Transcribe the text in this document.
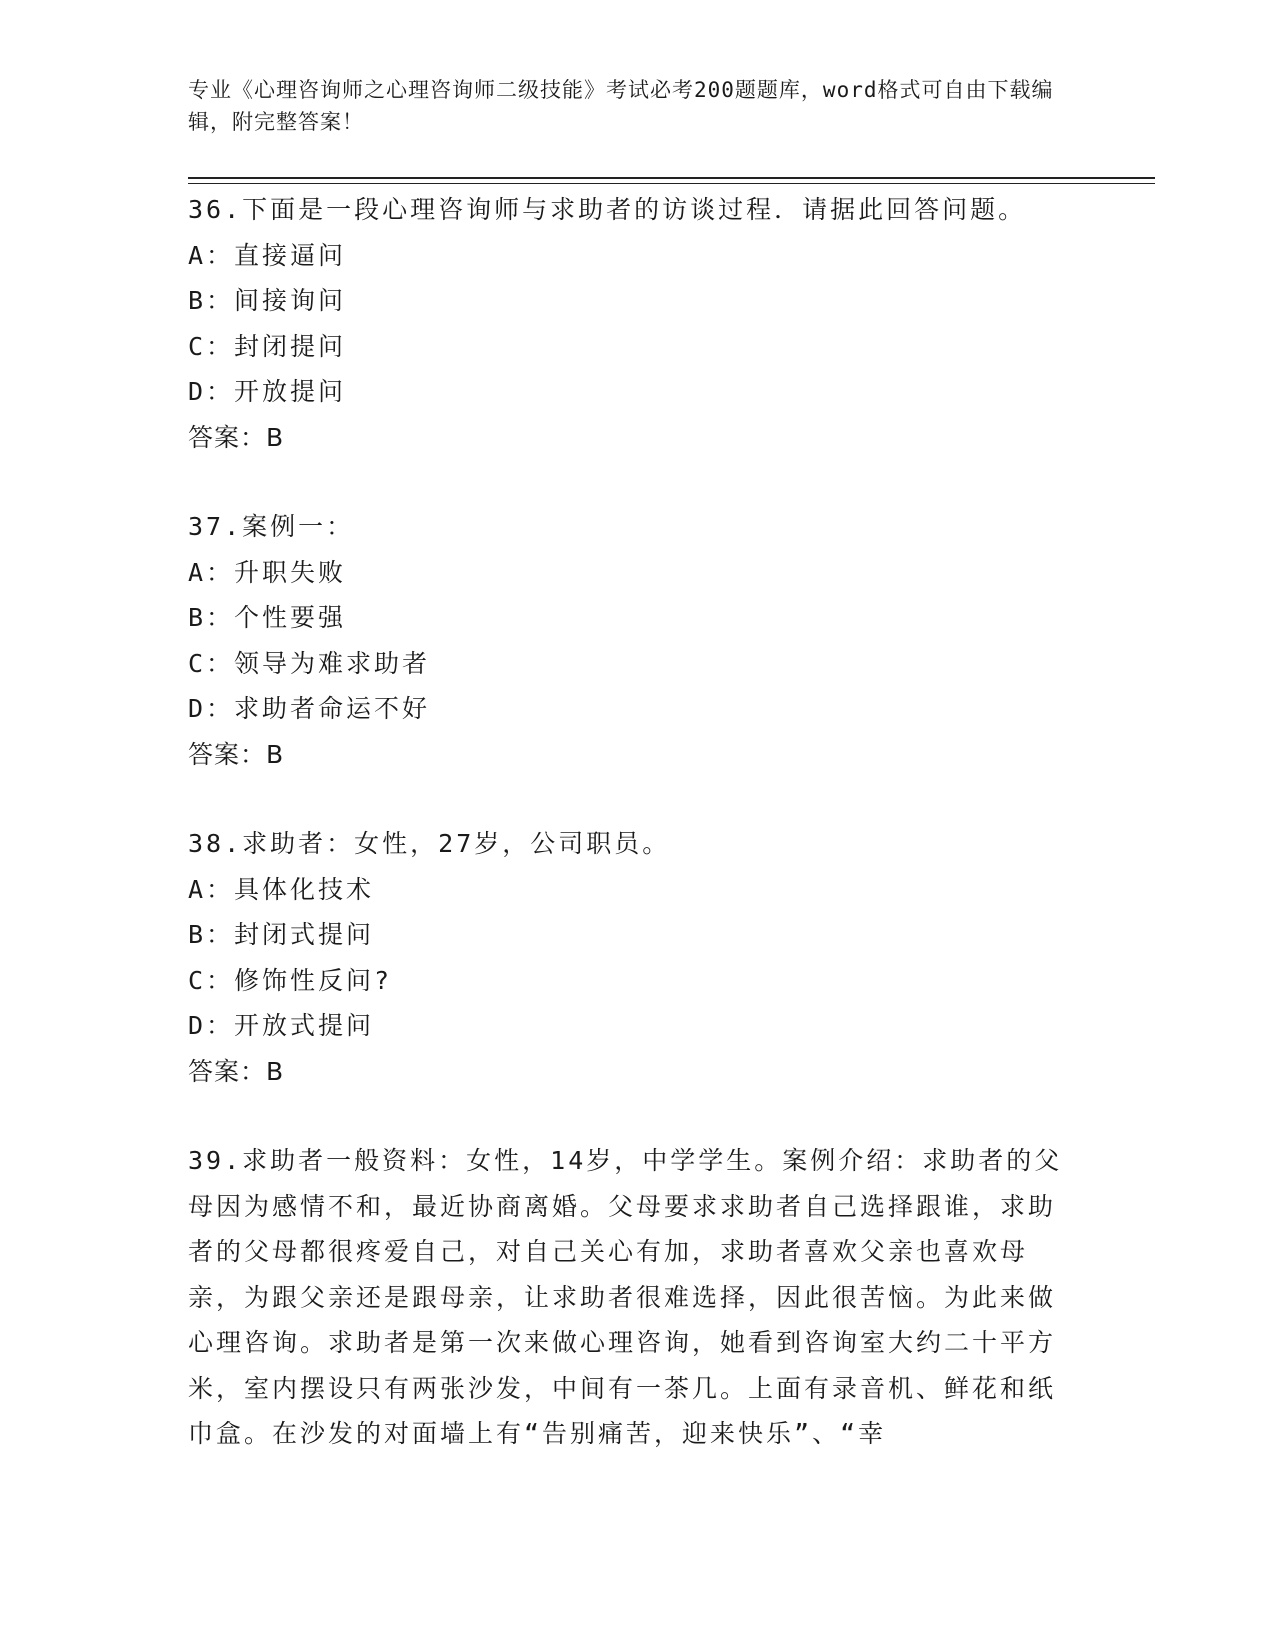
专业《心理咨询师之心理咨询师二级技能》考试必考200题题库，word格式可自由下载编辑，附完整答案！
36.下面是一段心理咨询师与求助者的访谈过程．请据此回答问题。
A：直接逼问
B：间接询问
C：封闭提问
D：开放提问
答案：B
37.案例一：
A：升职失败
B：个性要强
C：领导为难求助者
D：求助者命运不好
答案：B
38.求助者：女性，27岁，公司职员。
A：具体化技术
B：封闭式提问
C：修饰性反问?
D：开放式提问
答案：B
39.求助者一般资料：女性，14岁，中学学生。案例介绍：求助者的父母因为感情不和，最近协商离婚。父母要求求助者自己选择跟谁，求助者的父母都很疼爱自己，对自己关心有加，求助者喜欢父亲也喜欢母亲，为跟父亲还是跟母亲，让求助者很难选择，因此很苦恼。为此来做心理咨询。求助者是第一次来做心理咨询，她看到咨询室大约二十平方米，室内摆设只有两张沙发，中间有一茶几。上面有录音机、鲜花和纸巾盒。在沙发的对面墙上有“告别痛苦，迎来快乐”、“幸
